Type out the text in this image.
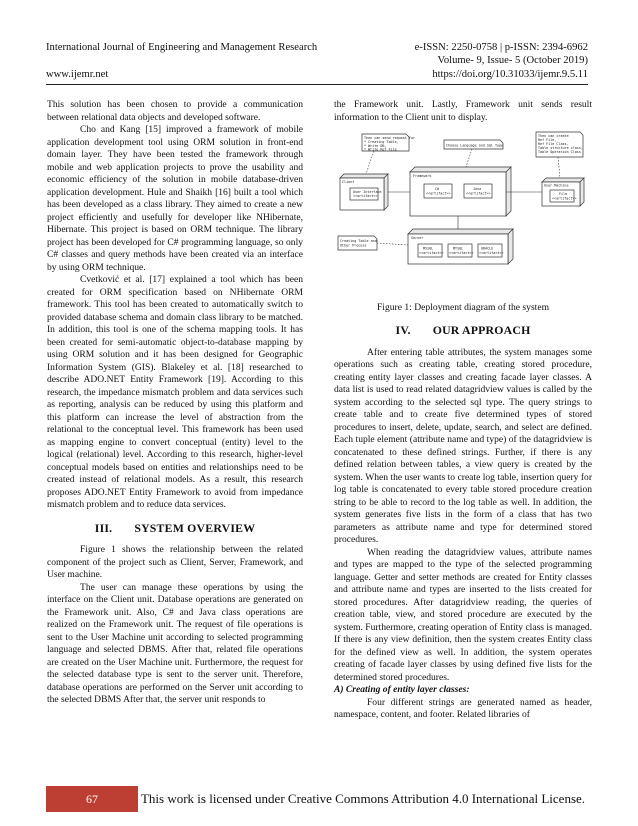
International Journal of Engineering and Management Research	e-ISSN: 2250-0758 | p-ISSN: 2394-6962
Volume- 9, Issue- 5 (October 2019)
www.ijemr.net	https://doi.org/10.31033/ijemr.9.5.11

This solution has been chosen to provide a communication between relational data objects and developed software.

Cho and Kang [15] improved a framework of mobile application development tool using ORM solution in front-end domain layer. They have been tested the framework through mobile and web application projects to prove the usability and economic efficiency of the solution in mobile database-driven application development. Hule and Shaikh [16] built a tool which has been developed as a class library. They aimed to create a new project efficiently and usefully for developer like NHibernate, Hibernate. This project is based on ORM technique. The library project has been developed for C# programming language, so only C# classes and query methods have been created via an interface by using ORM technique.

Cvetković et al. [17] explained a tool which has been created for ORM specification based on NHibernate ORM framework. This tool has been created to automatically switch to provided database schema and domain class library to be matched. In addition, this tool is one of the schema mapping tools. It has been created for semi-automatic object-to-database mapping by using ORM solution and it has been designed for Geographic Information System (GIS). Blakeley et al. [18] researched to describe ADO.NET Entity Framework [19]. According to this research, the impedance mismatch problem and data services such as reporting, analysis can be reduced by using this platform and this platform can increase the level of abstraction from the relational to the conceptual level. This framework has been used as mapping engine to convert conceptual (entity) level to the logical (relational) level. According to this research, higher-level conceptual models based on entities and relationships need to be created instead of relational models. As a result, this research proposes ADO.NET Entity Framework to avoid from impedance mismatch problem and to reduce data services.

III. SYSTEM OVERVIEW

Figure 1 shows the relationship between the related component of the project such as Client, Server, Framework, and User machine.

The user can manage these operations by using the interface on the Client unit. Database operations are generated on the Framework unit. Also, C# and Java class operations are realized on the Framework unit. The request of file operations is sent to the User Machine unit according to selected programming language and selected DBMS. After that, related file operations are created on the User Machine unit. Furthermore, the request for the selected database type is sent to the server unit. Therefore, database operations are performed on the Server unit according to the selected DBMS After that, the server unit responds to

the Framework unit. Lastly, Framework unit sends result information to the Client unit to display.

Then can send request for
* Creating Table,
* Write DB,
* Write Ref File
Choose Language and Sql Type
Then can create
Ref File,
Ref File Class,
Table structure class,
Table Operation Class
Client
User Interface
<<artifact>>
Framework
C#
<<artifact>>
Java
<<artifact>>
User Machine
File
<<artifact>>
Creating Table and
Other Process
Server
MSSQL
<<artifact>>
MYSQL
<<artifact>>
ORACLE
<<artifact>>
Figure 1: Deployment diagram of the system
IV. OUR APPROACH

After entering table attributes, the system manages some operations such as creating table, creating stored procedure, creating entity layer classes and creating facade layer classes. A data list is used to read related datagridview values is called by the system according to the selected sql type. The query strings to create table and to create five determined types of stored procedures to insert, delete, update, search, and select are defined. Each tuple element (attribute name and type) of the datagridview is concatenated to these defined strings. Further, if there is any defined relation between tables, a view query is created by the system. When the user wants to create log table, insertion query for log table is concatenated to every table stored procedure creation string to be able to record to the log table as well. In addition, the system generates five lists in the form of a class that has two parameters as attribute name and type for determined stored procedures.

When reading the datagridview values, attribute names and types are mapped to the type of the selected programming language. Getter and setter methods are created for Entity classes and attribute name and types are inserted to the lists created for stored procedures. After datagridview reading, the queries of creation table, view, and stored procedure are executed by the system. Furthermore, creating operation of Entity class is managed. If there is any view definition, then the system creates Entity class for the defined view as well. In addition, the system operates creating of facade layer classes by using defined five lists for the determined stored procedures.

A) Creating of entity layer classes:

Four different strings are generated named as header, namespace, content, and footer. Related libraries of

67	This work is licensed under Creative Commons Attribution 4.0 International License.
